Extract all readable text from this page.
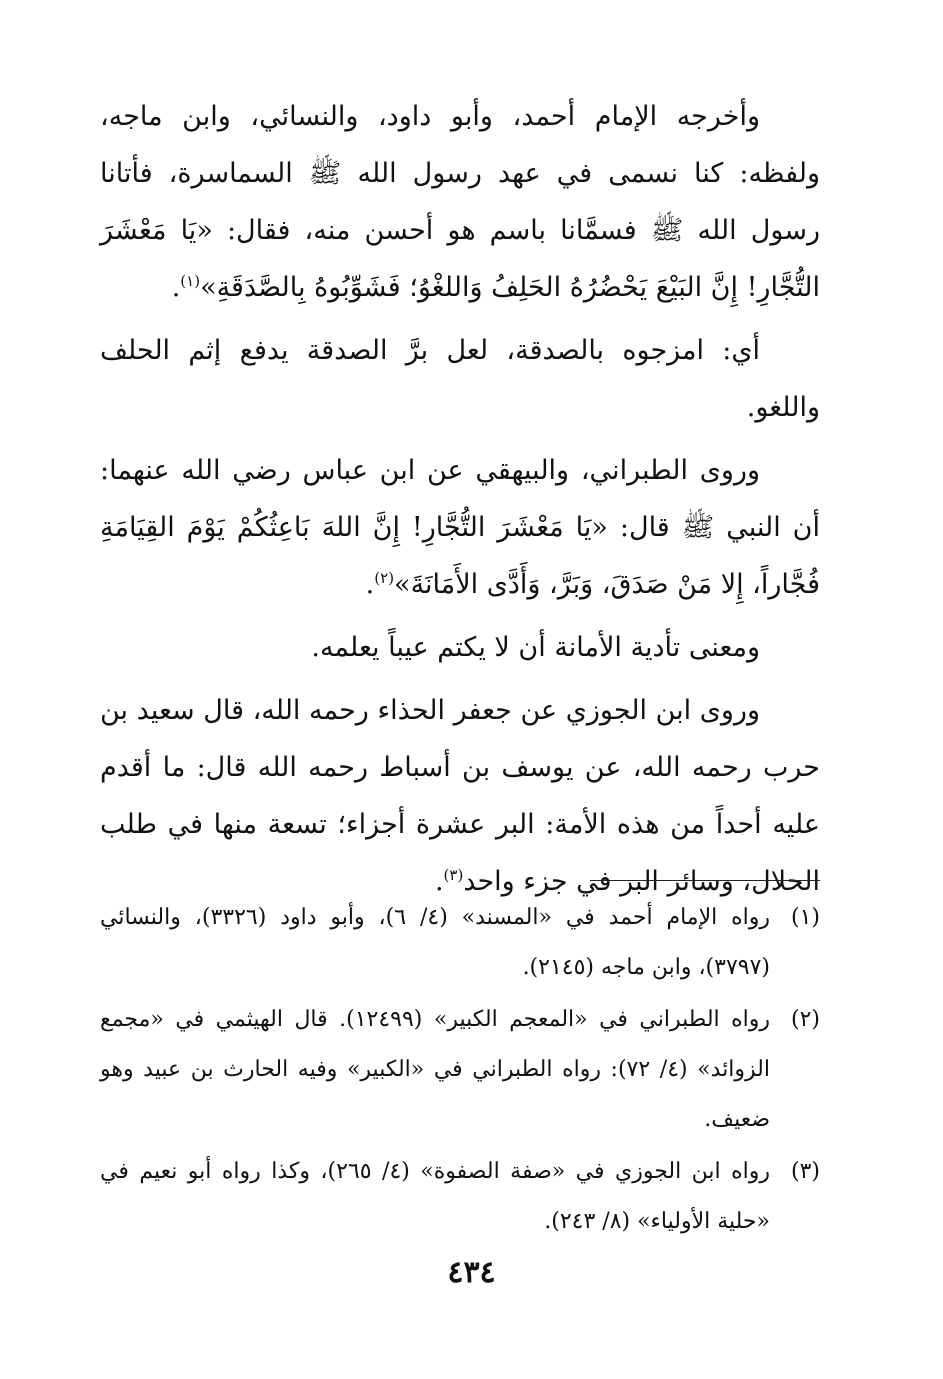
وأخرجه الإمام أحمد، وأبو داود، والنسائي، وابن ماجه، ولفظه: كنا نسمى في عهد رسول الله ﷺ السماسرة، فأتانا رسول الله ﷺ فسمَّانا باسم هو أحسن منه، فقال: «يَا مَعْشَرَ التُّجَّارِ! إِنَّ البَيْعَ يَحْضُرُهُ الحَلِفُ وَاللغْوُ؛ فَشَوِّبُوهُ بِالصَّدَقَةِ»$^{(١)}$.

أي: امزجوه بالصدقة، لعل برَّ الصدقة يدفع إثم الحلف واللغو.

وروى الطبراني، والبيهقي عن ابن عباس رضي الله عنهما: أن النبي ﷺ قال: «يَا مَعْشَرَ التُّجَّارِ! إِنَّ اللهَ بَاعِثُكُمْ يَوْمَ القِيَامَةِ فُجَّاراً، إِلا مَنْ صَدَقَ، وَبَرَّ، وَأَدَّى الأَمَانَةَ»$^{(٢)}$.

ومعنى تأدية الأمانة أن لا يكتم عيباً يعلمه.

وروى ابن الجوزي عن جعفر الحذاء رحمه الله، قال سعيد بن حرب رحمه الله، عن يوسف بن أسباط رحمه الله قال: ما أقدم عليه أحداً من هذه الأمة: البر عشرة أجزاء؛ تسعة منها في طلب الحلال، وسائر البر في جزء واحد$^{(٣)}$.

(١)
رواه الإمام أحمد في «المسند» (٤/ ٦)، وأبو داود (٣٣٢٦)، والنسائي (٣٧٩٧)، وابن ماجه (٢١٤٥).
(٢)
رواه الطبراني في «المعجم الكبير» (١٢٤٩٩). قال الهيثمي في «مجمع الزوائد» (٤/ ٧٢): رواه الطبراني في «الكبير» وفيه الحارث بن عبيد وهو ضعيف.
(٣)
رواه ابن الجوزي في «صفة الصفوة» (٤/ ٢٦٥)، وكذا رواه أبو نعيم في «حلية الأولياء» (٨/ ٢٤٣).
٤٣٤
